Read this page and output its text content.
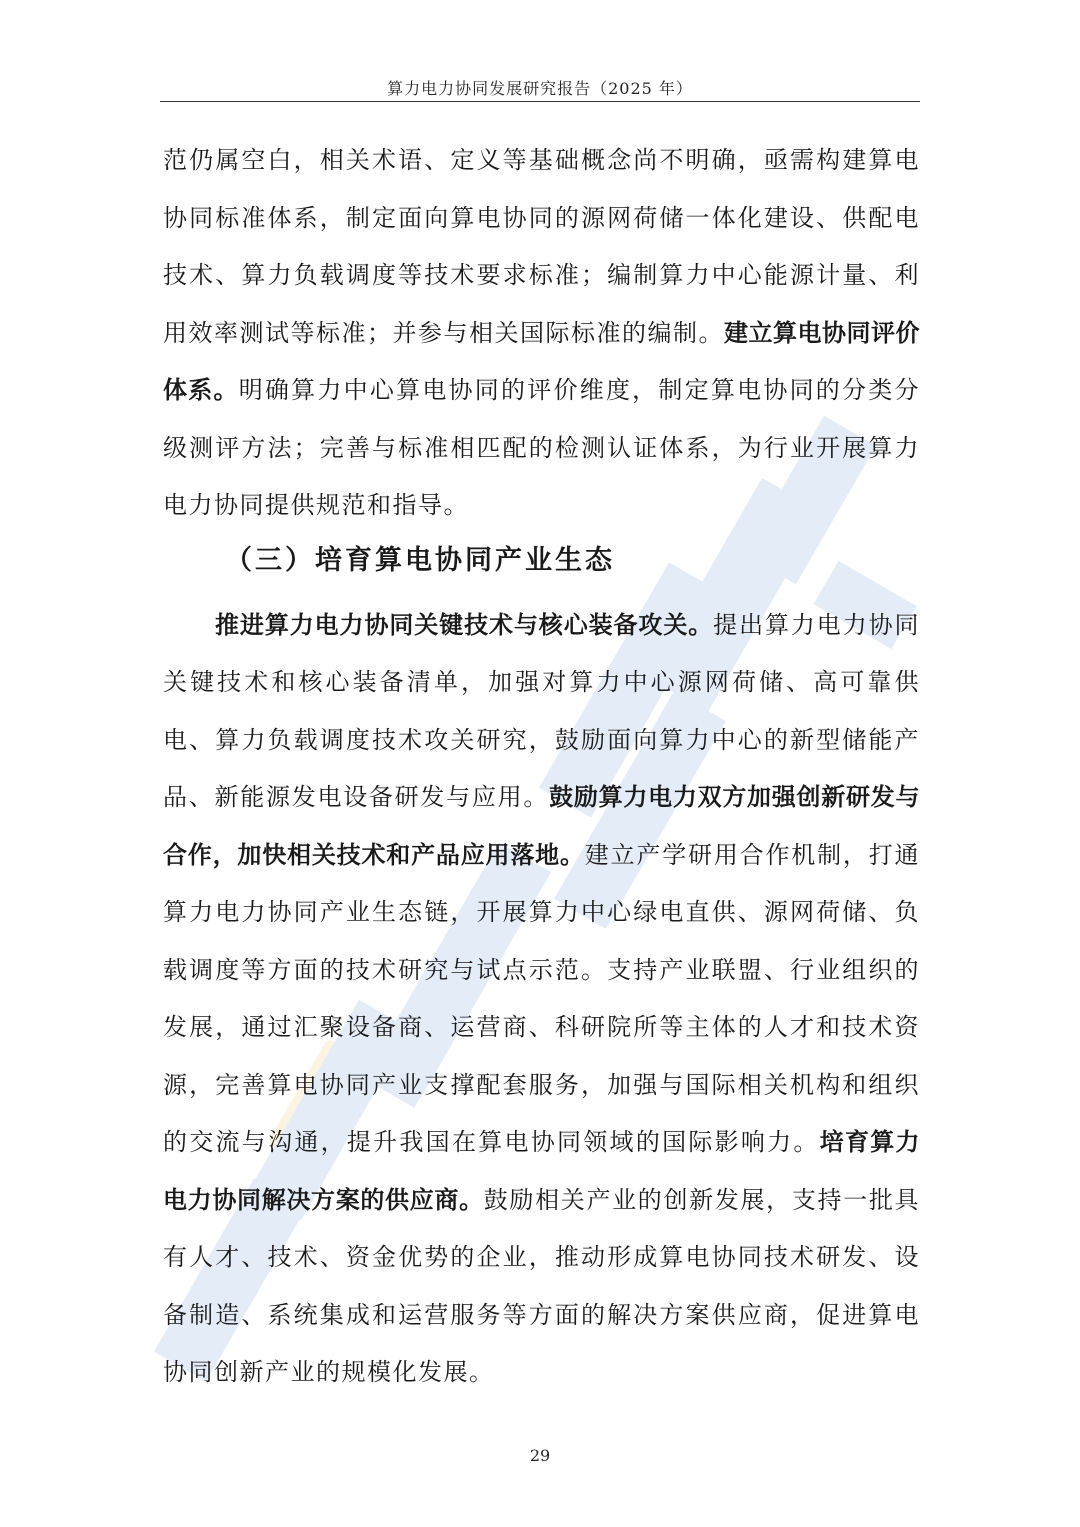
算力电力协同发展研究报告（2025 年）

范仍属空白，相关术语、定义等基础概念尚不明确，亟需构建算电协同标准体系，制定面向算电协同的源网荷储一体化建设、供配电技术、算力负载调度等技术要求标准；编制算力中心能源计量、利用效率测试等标准；并参与相关国际标准的编制。建立算电协同评价体系。明确算力中心算电协同的评价维度，制定算电协同的分类分级测评方法；完善与标准相匹配的检测认证体系，为行业开展算力电力协同提供规范和指导。

（三）培育算电协同产业生态

推进算力电力协同关键技术与核心装备攻关。提出算力电力协同关键技术和核心装备清单，加强对算力中心源网荷储、高可靠供电、算力负载调度技术攻关研究，鼓励面向算力中心的新型储能产品、新能源发电设备研发与应用。鼓励算力电力双方加强创新研发与合作，加快相关技术和产品应用落地。建立产学研用合作机制，打通算力电力协同产业生态链，开展算力中心绿电直供、源网荷储、负载调度等方面的技术研究与试点示范。支持产业联盟、行业组织的发展，通过汇聚设备商、运营商、科研院所等主体的人才和技术资源，完善算电协同产业支撑配套服务，加强与国际相关机构和组织的交流与沟通，提升我国在算电协同领域的国际影响力。培育算力电力协同解决方案的供应商。鼓励相关产业的创新发展，支持一批具有人才、技术、资金优势的企业，推动形成算电协同技术研发、设备制造、系统集成和运营服务等方面的解决方案供应商，促进算电协同创新产业的规模化发展。

29
